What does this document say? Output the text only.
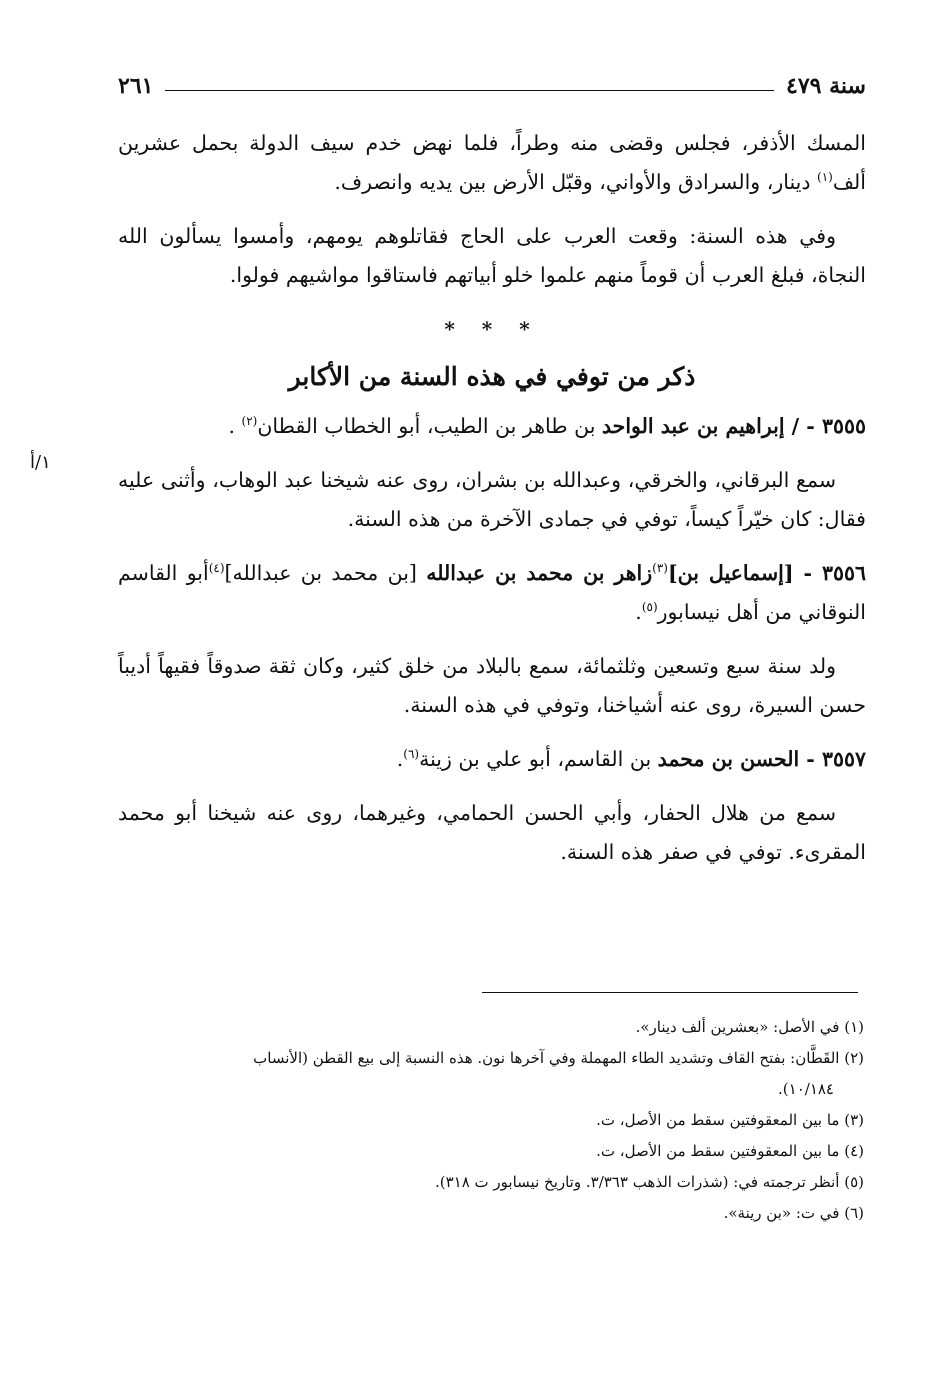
سنة ٤٧٩
٢٦١
١/أ

المسك الأذفر، فجلس وقضى منه وطراً، فلما نهض خدم سيف الدولة بحمل عشرين ألف$^{(١)}$ دينار، والسرادق والأواني، وقبّل الأرض بين يديه وانصرف.

وفي هذه السنة: وقعت العرب على الحاج فقاتلوهم يومهم، وأمسوا يسألون الله النجاة، فبلغ العرب أن قوماً منهم علموا خلو أبياتهم فاستاقوا مواشيهم فولوا.

* * *
ذكر من توفي في هذه السنة من الأكابر

٣٥٥٥ - / إبراهيم بن عبد الواحد بن طاهر بن الطيب، أبو الخطاب القطان$^{(٢)}$ .

سمع البرقاني، والخرقي، وعبدالله بن بشران، روى عنه شيخنا عبد الوهاب، وأثنى عليه فقال: كان خيّراً كيساً، توفي في جمادى الآخرة من هذه السنة.

٣٥٥٦ - [إسماعيل بن]$^{(٣)}$زاهر بن محمد بن عبدالله [بن محمد بن عبدالله]$^{(٤)}$أبو القاسم النوقاني من أهل نيسابور$^{(٥)}$.

ولد سنة سبع وتسعين وثلثمائة، سمع بالبلاد من خلق كثير، وكان ثقة صدوقاً فقيهاً أديباً حسن السيرة، روى عنه أشياخنا، وتوفي في هذه السنة.

٣٥٥٧ - الحسن بن محمد بن القاسم، أبو علي بن زينة$^{(٦)}$.

سمع من هلال الحفار، وأبي الحسن الحمامي، وغيرهما، روى عنه شيخنا أبو محمد المقرىء. توفي في صفر هذه السنة.

(١) في الأصل: «بعشرين ألف دينار».
(٢) القَطَّان: بفتح القاف وتشديد الطاء المهملة وفي آخرها نون. هذه النسبة إلى بيع القطن (الأنساب
١٠/١٨٤).
(٣) ما بين المعقوفتين سقط من الأصل، ت.
(٤) ما بين المعقوفتين سقط من الأصل، ت.
(٥) أنظر ترجمته في: (شذرات الذهب ٣/٣٦٣. وتاريخ نيسابور ت ٣١٨).
(٦) في ت: «بن رينة».
